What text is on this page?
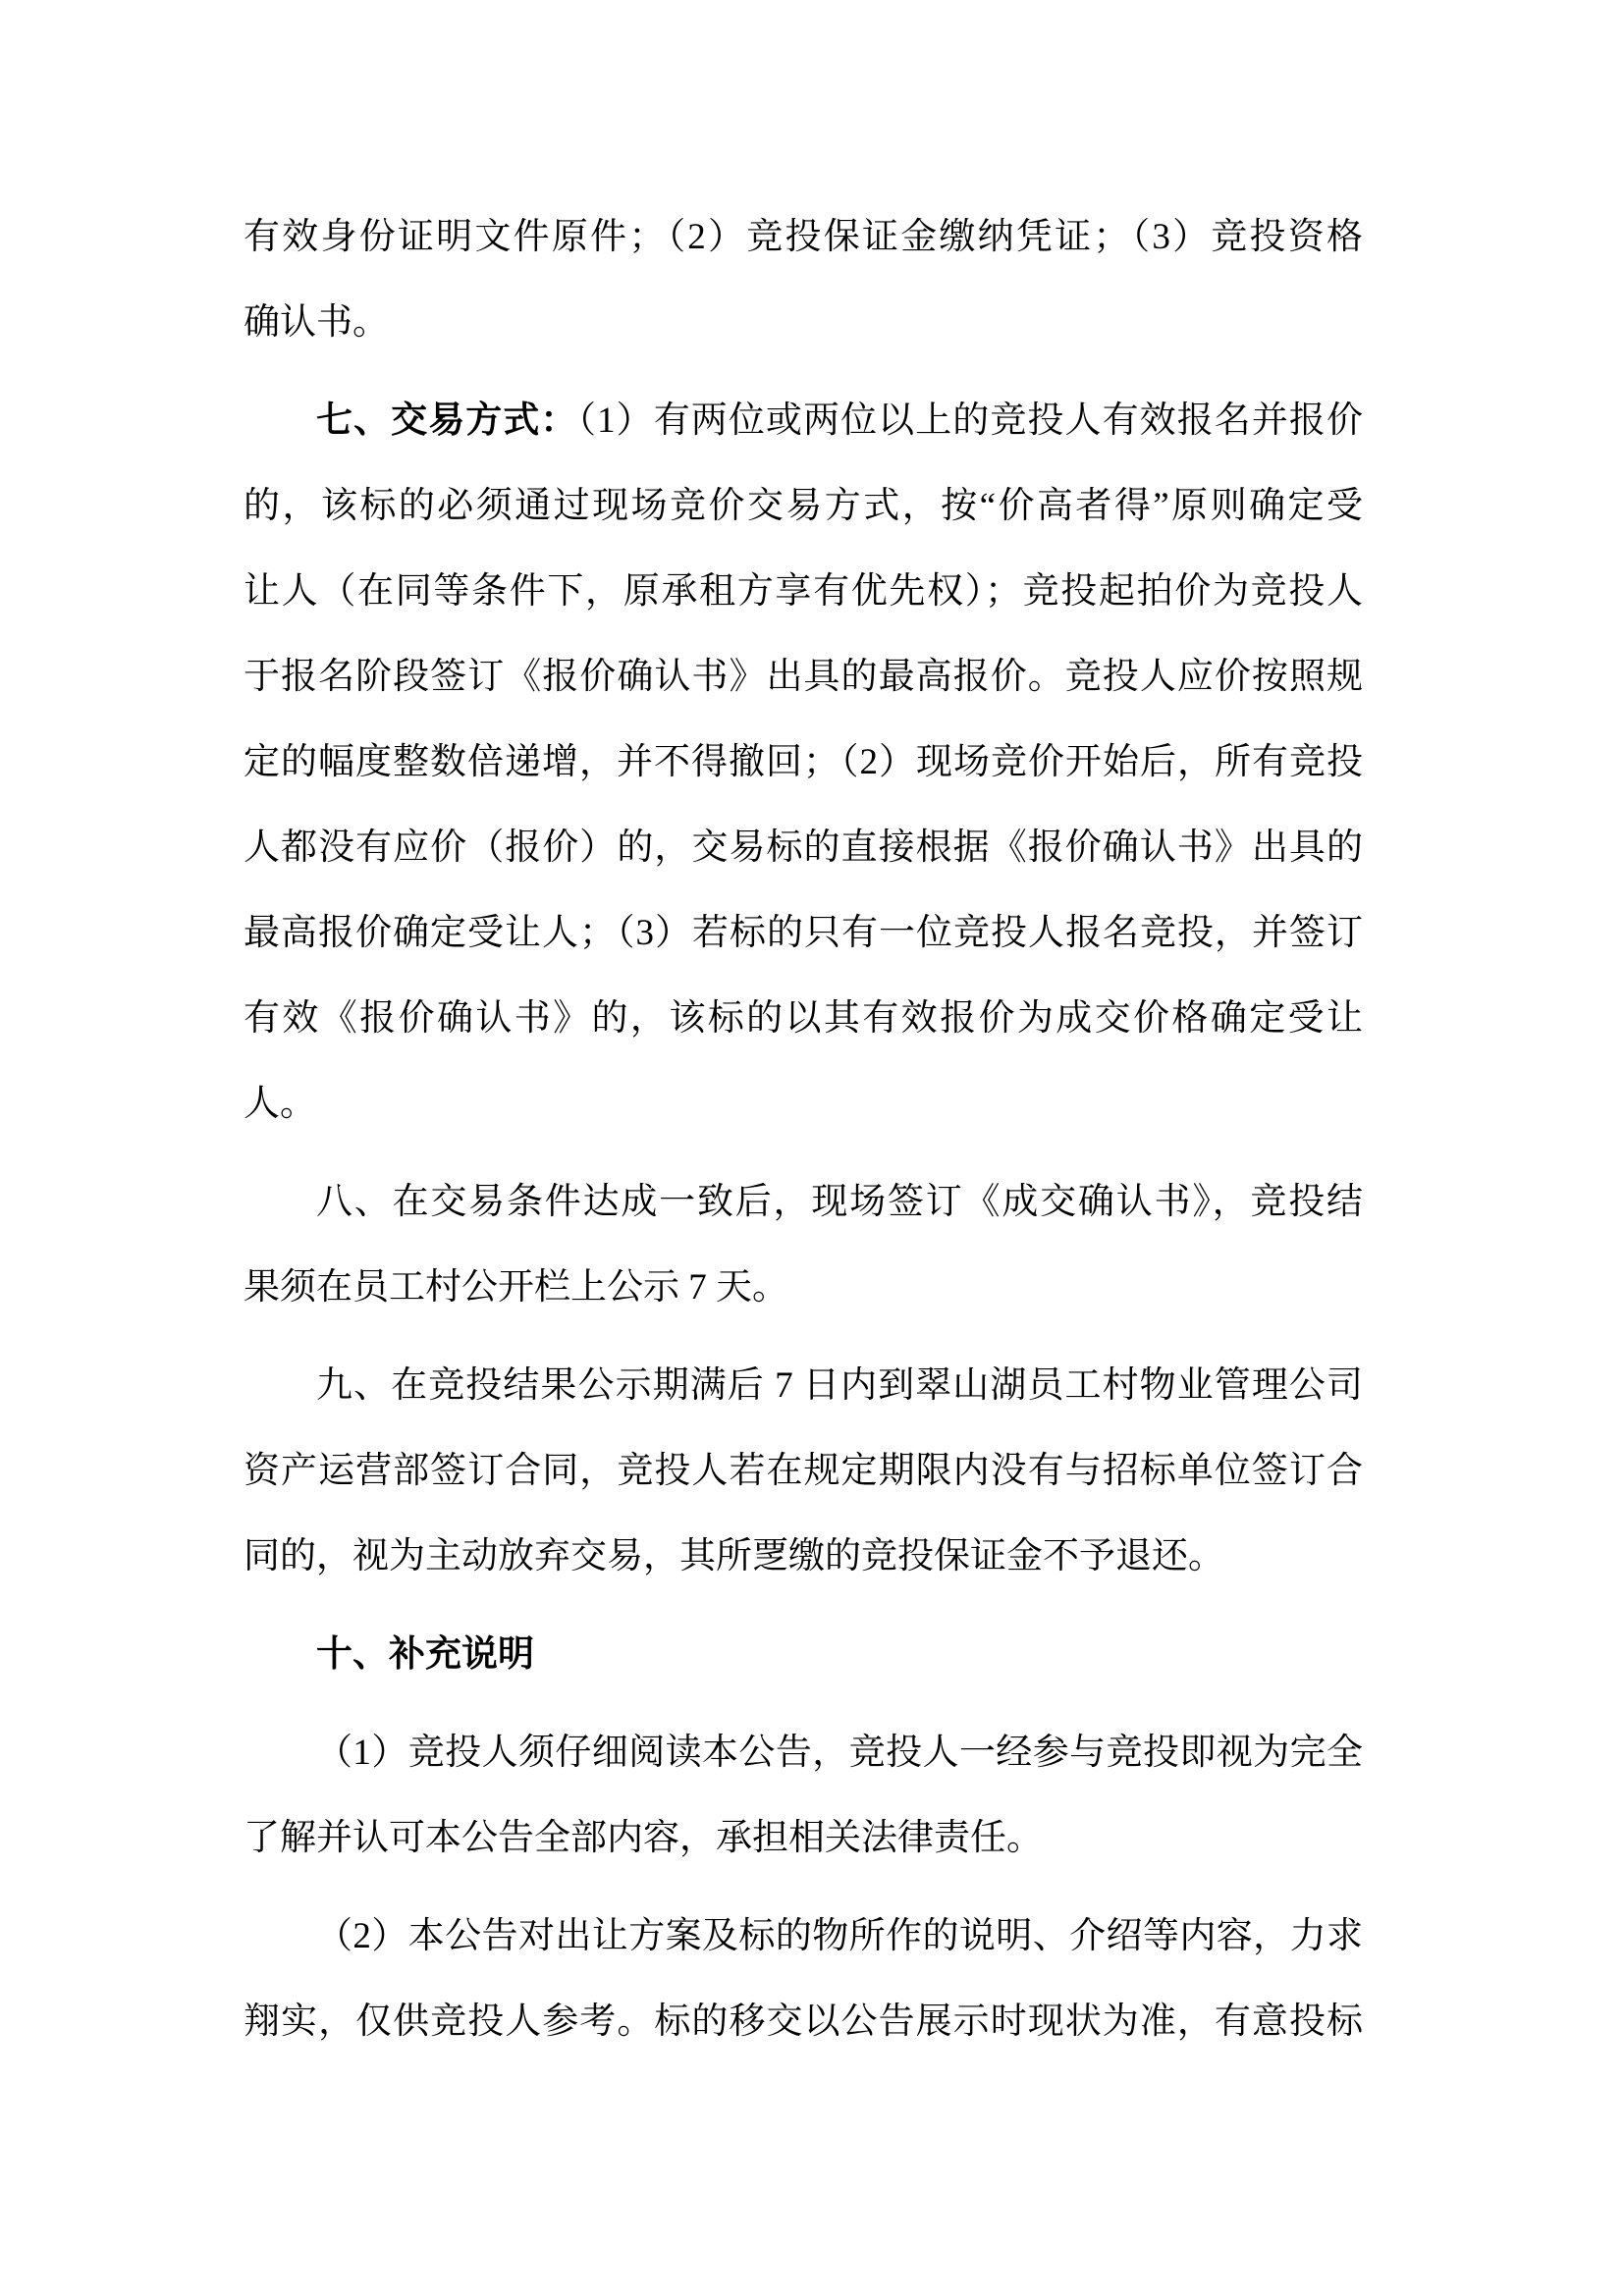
有效身份证明文件原件；（2）竞投保证金缴纳凭证；（3）竞投资格
确认书。
七、交易方式：（1）有两位或两位以上的竞投人有效报名并报价
的，该标的必须通过现场竞价交易方式，按“价高者得”原则确定受
让人（在同等条件下，原承租方享有优先权）；竞投起拍价为竞投人
于报名阶段签订《报价确认书》出具的最高报价。竞投人应价按照规
定的幅度整数倍递增，并不得撤回；（2）现场竞价开始后，所有竞投
人都没有应价（报价）的，交易标的直接根据《报价确认书》出具的
最高报价确定受让人；（3）若标的只有一位竞投人报名竞投，并签订
有效《报价确认书》的，该标的以其有效报价为成交价格确定受让
人。
八、在交易条件达成一致后，现场签订《成交确认书》，竞投结
果须在员工村公开栏上公示 7 天。
九、在竞投结果公示期满后 7 日内到翠山湖员工村物业管理公司
资产运营部签订合同，竞投人若在规定期限内没有与招标单位签订合
同的，视为主动放弃交易，其所覂缴的竞投保证金不予退还。
十、补充说明
（1）竞投人须仔细阅读本公告，竞投人一经参与竞投即视为完全
了解并认可本公告全部内容，承担相关法律责任。
（2）本公告对出让方案及标的物所作的说明、介绍等内容，力求
翔实，仅供竞投人参考。标的移交以公告展示时现状为准，有意投标
